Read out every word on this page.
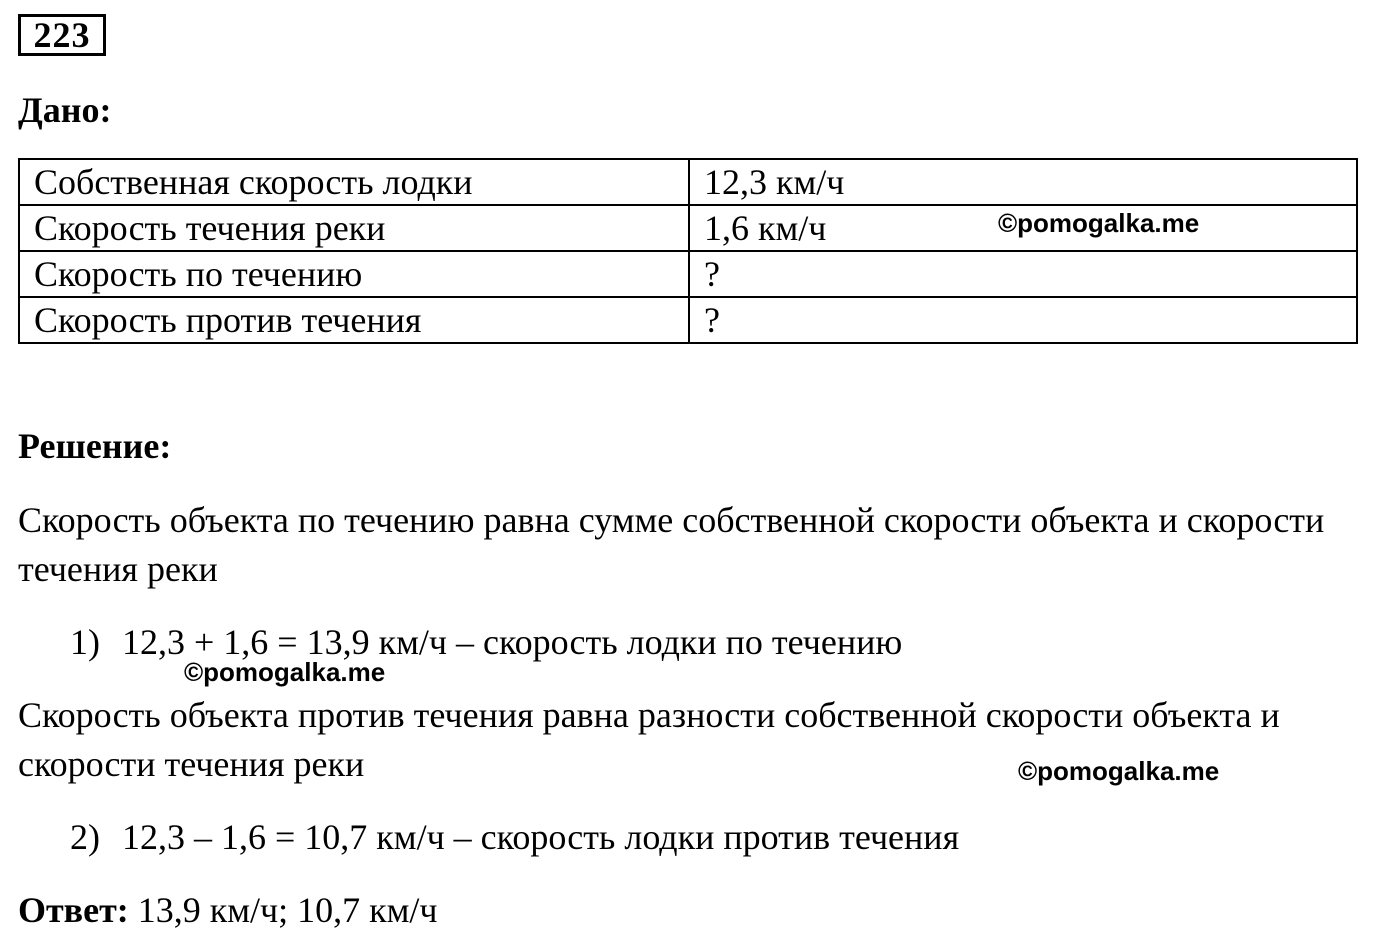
223
Дано:
Собственная скорость лодки	12,3 км/ч
Скорость течения реки	1,6 км/ч
Скорость по течению	?
Скорость против течения	?
©pomogalka.me
Решение:
Скорость объекта по течению равна сумме собственной скорости объекта и скорости течения реки
1) 12,3 + 1,6 = 13,9 км/ч – скорость лодки по течению
©pomogalka.me
Скорость объекта против течения равна разности собственной скорости объекта и скорости течения реки	©pomogalka.me
2) 12,3 – 1,6 = 10,7 км/ч – скорость лодки против течения
Ответ: 13,9 км/ч; 10,7 км/ч
